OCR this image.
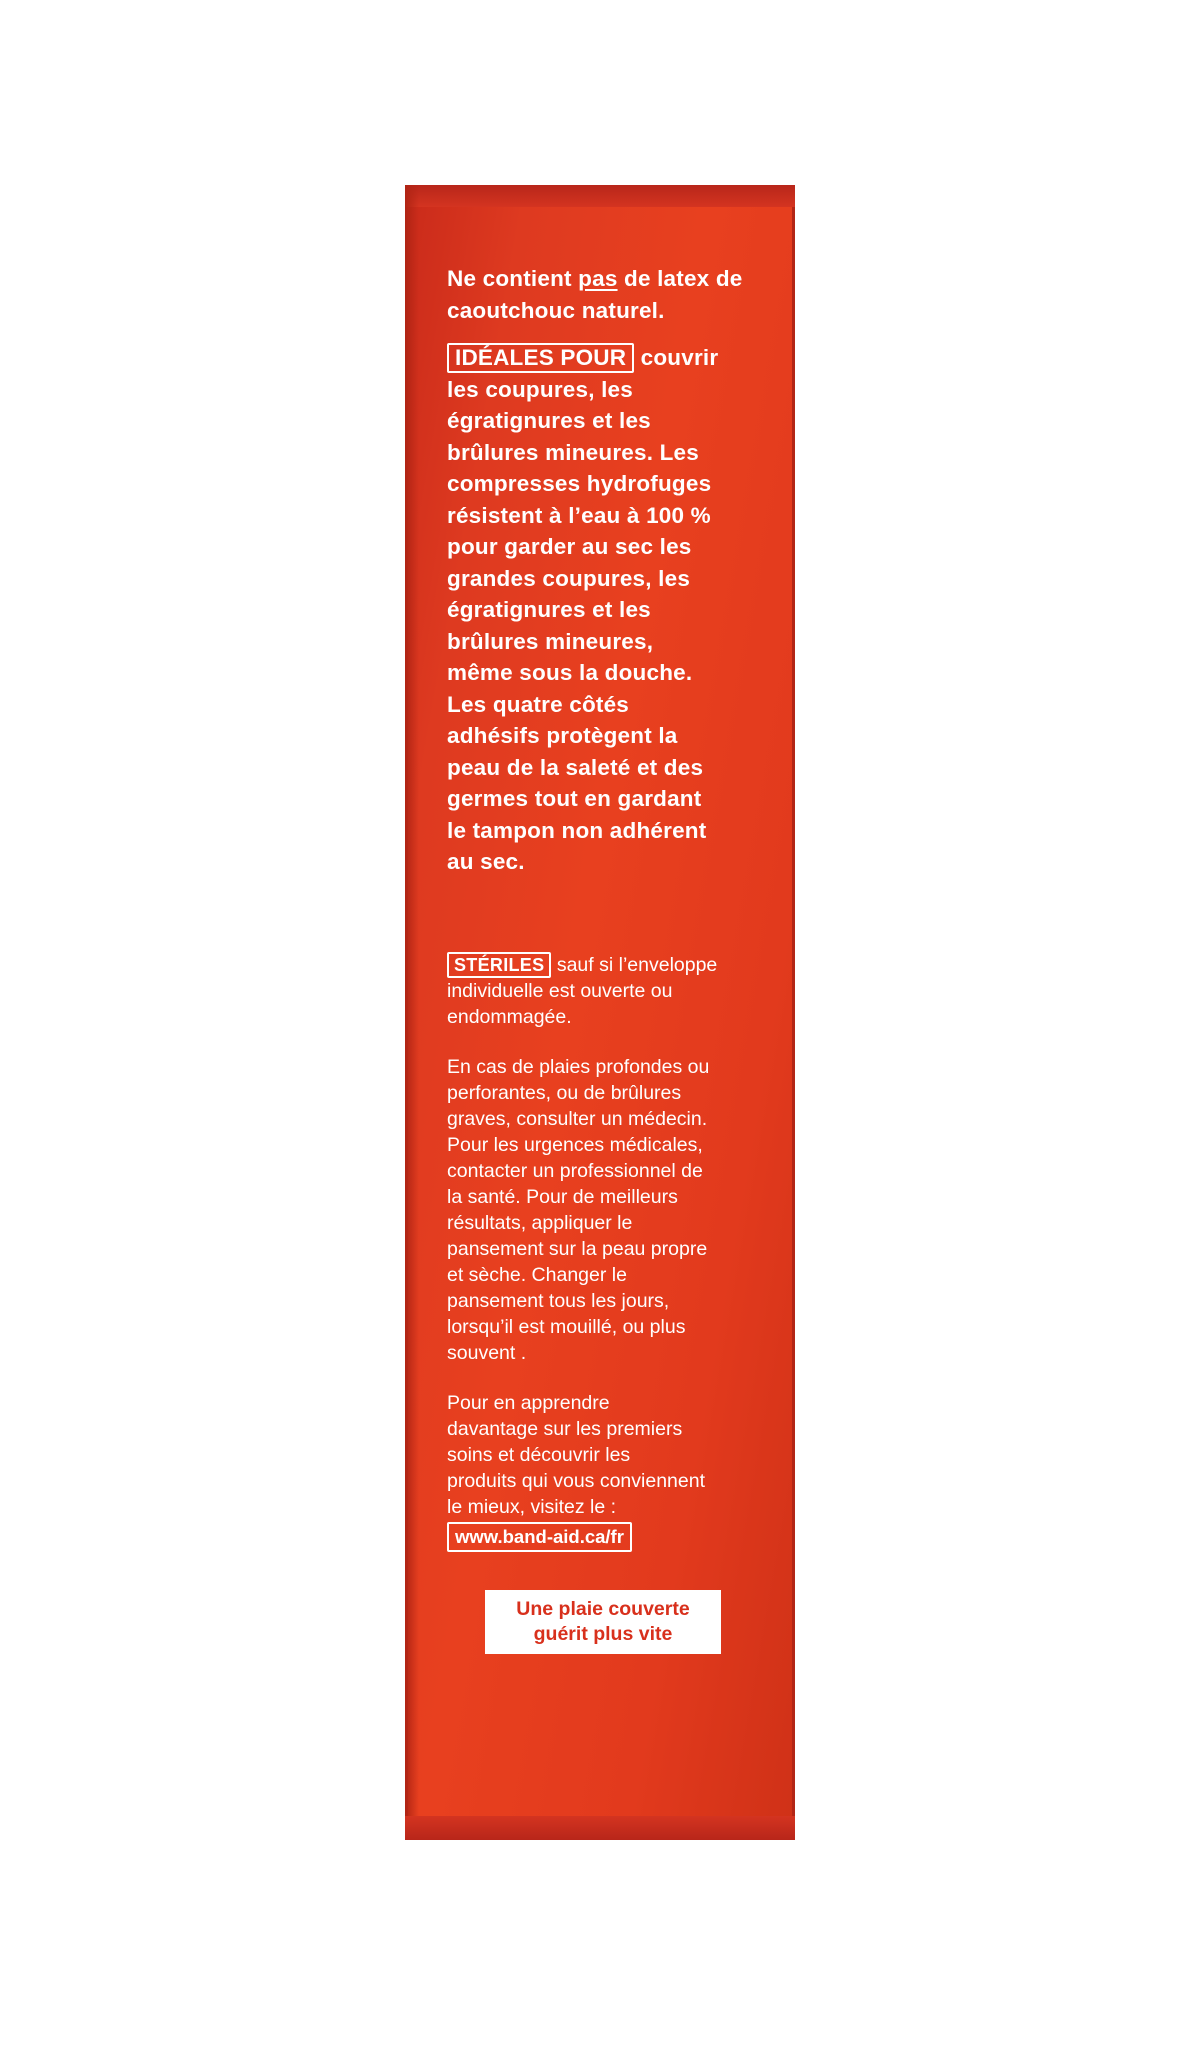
Ne contient pas de latex de
caoutchouc naturel.

IDÉALES POUR couvrir
les coupures, les
égratignures et les
brûlures mineures. Les
compresses hydrofuges
résistent à l’eau à 100 %
pour garder au sec les
grandes coupures, les
égratignures et les
brûlures mineures,
même sous la douche.
Les quatre côtés
adhésifs protègent la
peau de la saleté et des
germes tout en gardant
le tampon non adhérent
au sec.

STÉRILES sauf si l’enveloppe
individuelle est ouverte ou
endommagée.

En cas de plaies profondes ou
perforantes, ou de brûlures
graves, consulter un médecin.
Pour les urgences médicales,
contacter un professionnel de
la santé. Pour de meilleurs
résultats, appliquer le
pansement sur la peau propre
et sèche. Changer le
pansement tous les jours,
lorsqu’il est mouillé, ou plus
souvent .

Pour en apprendre
davantage sur les premiers
soins et découvrir les
produits qui vous conviennent
le mieux, visitez le :
www.band-aid.ca/fr
Une plaie couverte
guérit plus vite
